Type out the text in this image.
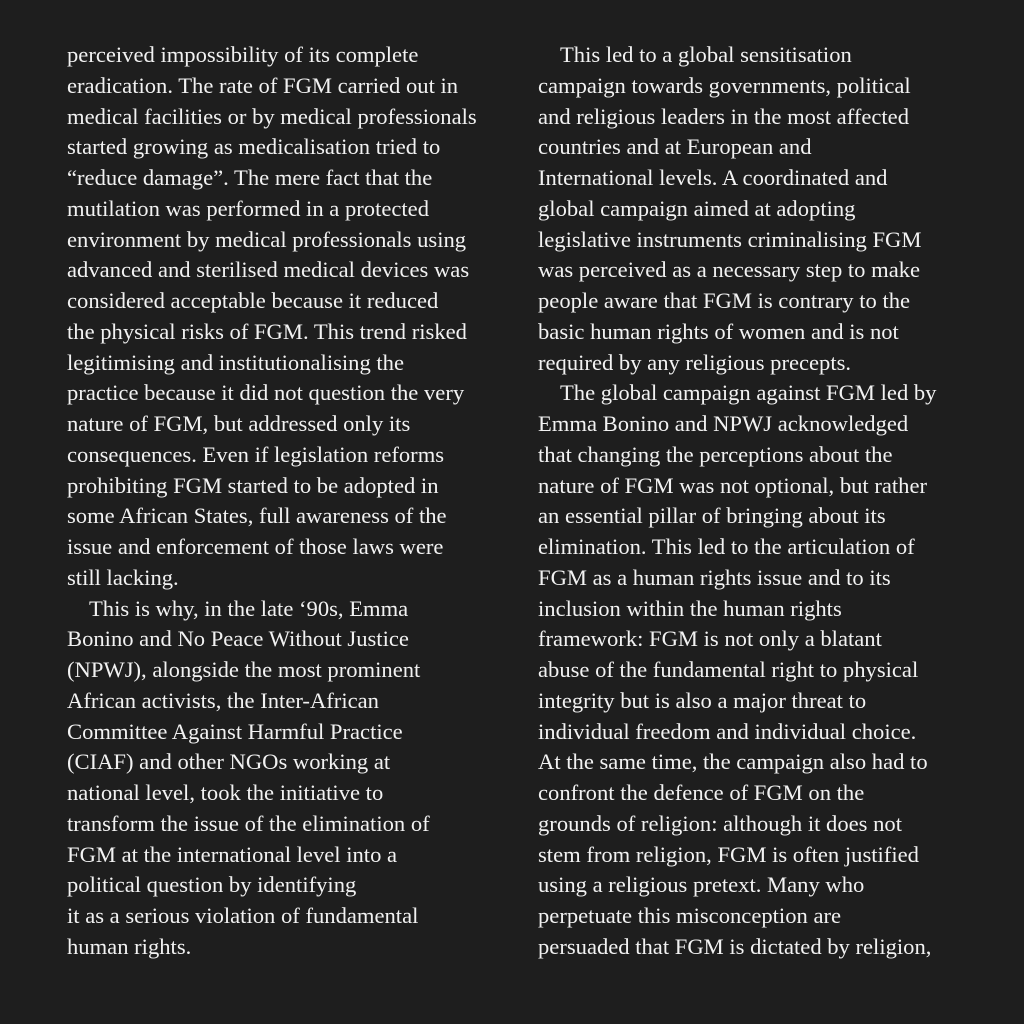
perceived impossibility of its complete
eradication. The rate of FGM carried out in
medical facilities or by medical professionals
started growing as medicalisation tried to
“reduce damage”. The mere fact that the
mutilation was performed in a protected
environment by medical professionals using
advanced and sterilised medical devices was
considered acceptable because it reduced
the physical risks of FGM. This trend risked
legitimising and institutionalising the
practice because it did not question the very
nature of FGM, but addressed only its
consequences. Even if legislation reforms
prohibiting FGM started to be adopted in
some African States, full awareness of the
issue and enforcement of those laws were
still lacking.
This is why, in the late ‘90s, Emma
Bonino and No Peace Without Justice
(NPWJ), alongside the most prominent
African activists, the Inter-African
Committee Against Harmful Practice
(CIAF) and other NGOs working at
national level, took the initiative to
transform the issue of the elimination of
FGM at the international level into a
political question by identifying
it as a serious violation of fundamental
human rights.
This led to a global sensitisation
campaign towards governments, political
and religious leaders in the most affected
countries and at European and
International levels. A coordinated and
global campaign aimed at adopting
legislative instruments criminalising FGM
was perceived as a necessary step to make
people aware that FGM is contrary to the
basic human rights of women and is not
required by any religious precepts.
The global campaign against FGM led by
Emma Bonino and NPWJ acknowledged
that changing the perceptions about the
nature of FGM was not optional, but rather
an essential pillar of bringing about its
elimination. This led to the articulation of
FGM as a human rights issue and to its
inclusion within the human rights
framework: FGM is not only a blatant
abuse of the fundamental right to physical
integrity but is also a major threat to
individual freedom and individual choice.
At the same time, the campaign also had to
confront the defence of FGM on the
grounds of religion: although it does not
stem from religion, FGM is often justified
using a religious pretext. Many who
perpetuate this misconception are
persuaded that FGM is dictated by religion,
